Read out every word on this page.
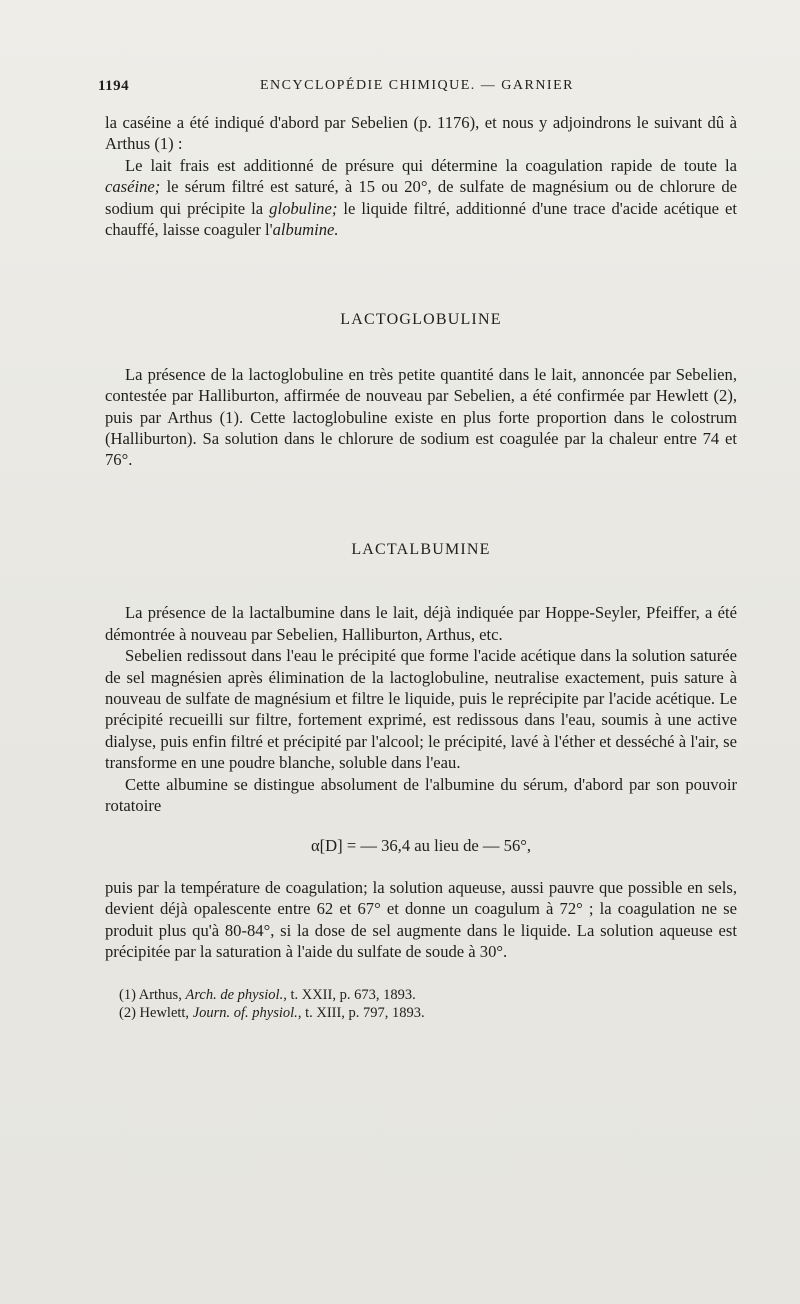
1194	ENCYCLOPÉDIE CHIMIQUE. — GARNIER

la caséine a été indiqué d'abord par Sebelien (p. 1176), et nous y adjoindrons le suivant dû à Arthus (1) :

Le lait frais est additionné de présure qui détermine la coagulation rapide de toute la caséine; le sérum filtré est saturé, à 15 ou 20°, de sulfate de magnésium ou de chlorure de sodium qui précipite la globuline; le liquide filtré, additionné d'une trace d'acide acétique et chauffé, laisse coaguler l'albumine.

LACTOGLOBULINE

La présence de la lactoglobuline en très petite quantité dans le lait, annoncée par Sebelien, contestée par Halliburton, affirmée de nouveau par Sebelien, a été confirmée par Hewlett (2), puis par Arthus (1). Cette lactoglobuline existe en plus forte proportion dans le colostrum (Halliburton). Sa solution dans le chlorure de sodium est coagulée par la chaleur entre 74 et 76°.

LACTALBUMINE

La présence de la lactalbumine dans le lait, déjà indiquée par Hoppe-Seyler, Pfeiffer, a été démontrée à nouveau par Sebelien, Halliburton, Arthus, etc.

Sebelien redissout dans l'eau le précipité que forme l'acide acétique dans la solution saturée de sel magnésien après élimination de la lactoglobuline, neutralise exactement, puis sature à nouveau de sulfate de magnésium et filtre le liquide, puis le reprécipite par l'acide acétique. Le précipité recueilli sur filtre, fortement exprimé, est redissous dans l'eau, soumis à une active dialyse, puis enfin filtré et précipité par l'alcool; le précipité, lavé à l'éther et desséché à l'air, se transforme en une poudre blanche, soluble dans l'eau.

Cette albumine se distingue absolument de l'albumine du sérum, d'abord par son pouvoir rotatoire

α[D] = — 36,4 au lieu de — 56°,

puis par la température de coagulation; la solution aqueuse, aussi pauvre que possible en sels, devient déjà opalescente entre 62 et 67° et donne un coagulum à 72° ; la coagulation ne se produit plus qu'à 80-84°, si la dose de sel augmente dans le liquide. La solution aqueuse est précipitée par la saturation à l'aide du sulfate de soude à 30°.

(1) Arthus, Arch. de physiol., t. XXII, p. 673, 1893.

(2) Hewlett, Journ. of. physiol., t. XIII, p. 797, 1893.
